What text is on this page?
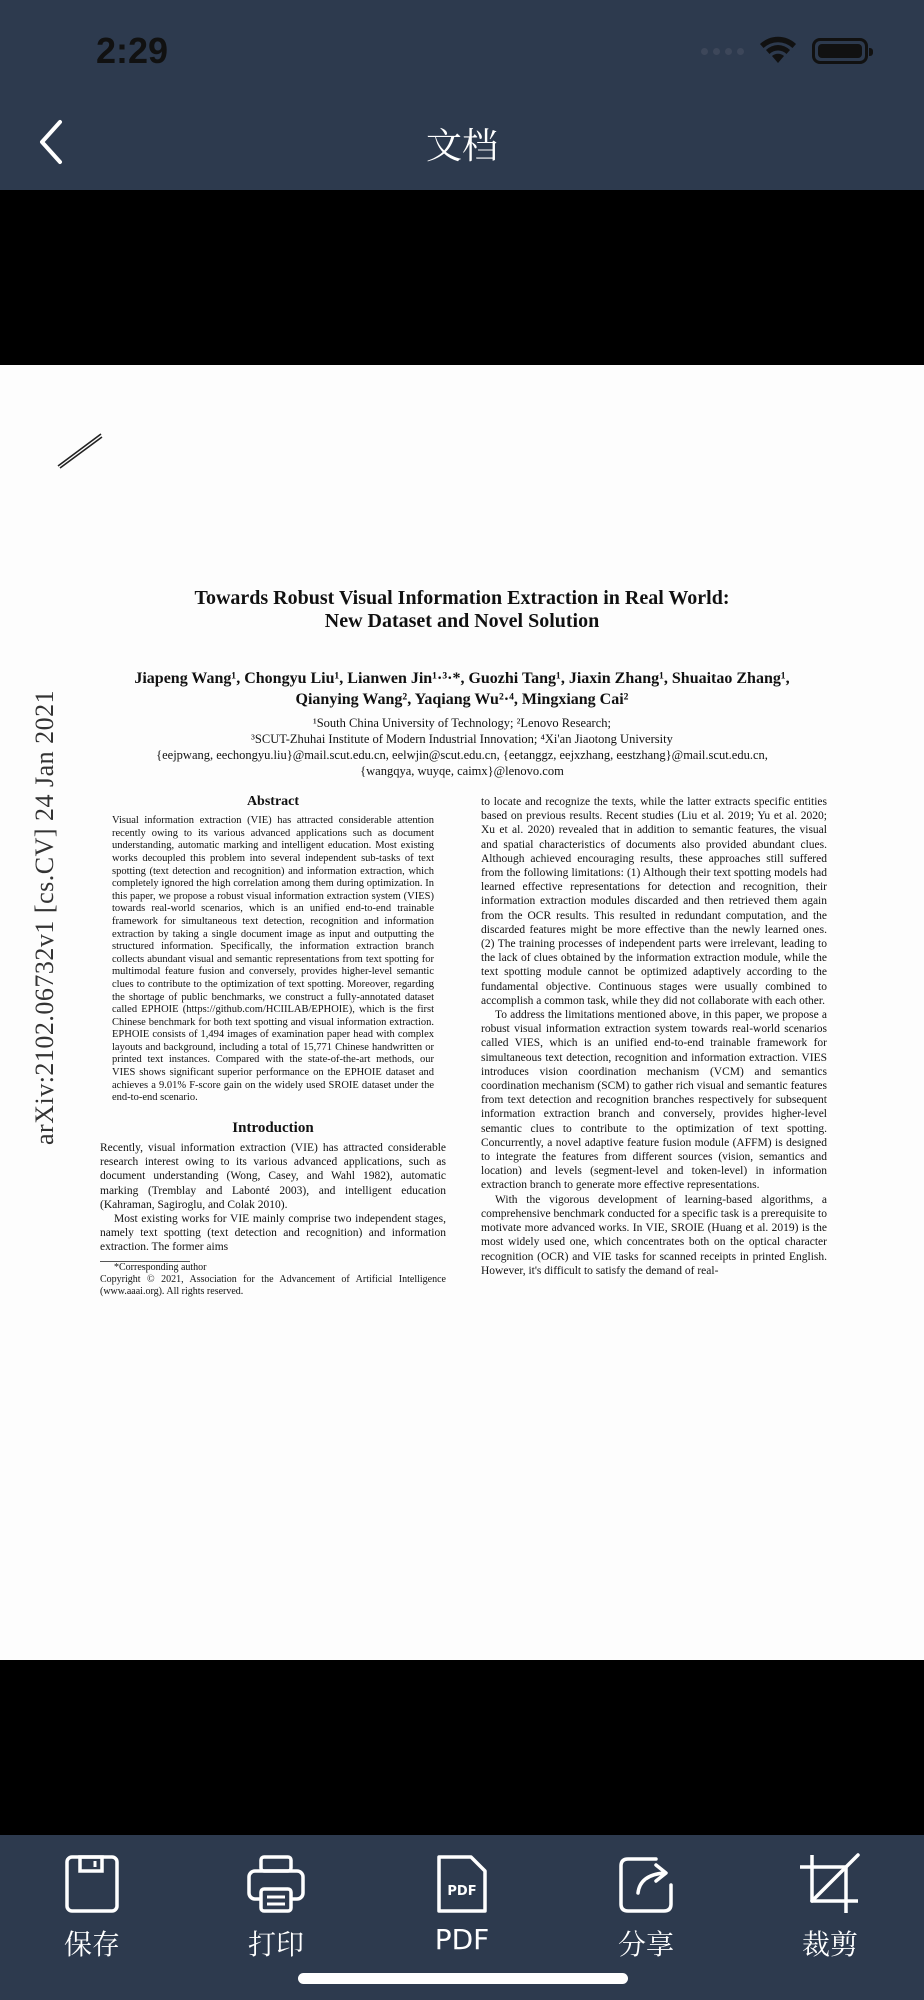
2:29
文档
arXiv:2102.06732v1 [cs.CV] 24 Jan 2021
Towards Robust Visual Information Extraction in Real World:
New Dataset and Novel Solution
Jiapeng Wang¹, Chongyu Liu¹, Lianwen Jin¹·³·*, Guozhi Tang¹, Jiaxin Zhang¹, Shuaitao Zhang¹,
Qianying Wang², Yaqiang Wu²·⁴, Mingxiang Cai²
¹South China University of Technology; ²Lenovo Research;
³SCUT-Zhuhai Institute of Modern Industrial Innovation; ⁴Xi'an Jiaotong University
{eejpwang, eechongyu.liu}@mail.scut.edu.cn, eelwjin@scut.edu.cn, {eetanggz, eejxzhang, eestzhang}@mail.scut.edu.cn,
{wangqya, wuyqe, caimx}@lenovo.com
Abstract

Visual information extraction (VIE) has attracted considerable attention recently owing to its various advanced applications such as document understanding, automatic marking and intelligent education. Most existing works decoupled this problem into several independent sub-tasks of text spotting (text detection and recognition) and information extraction, which completely ignored the high correlation among them during optimization. In this paper, we propose a robust visual information extraction system (VIES) towards real-world scenarios, which is an unified end-to-end trainable framework for simultaneous text detection, recognition and information extraction by taking a single document image as input and outputting the structured information. Specifically, the information extraction branch collects abundant visual and semantic representations from text spotting for multimodal feature fusion and conversely, provides higher-level semantic clues to contribute to the optimization of text spotting. Moreover, regarding the shortage of public benchmarks, we construct a fully-annotated dataset called EPHOIE (https://github.com/HCIILAB/EPHOIE), which is the first Chinese benchmark for both text spotting and visual information extraction. EPHOIE consists of 1,494 images of examination paper head with complex layouts and background, including a total of 15,771 Chinese handwritten or printed text instances. Compared with the state-of-the-art methods, our VIES shows significant superior performance on the EPHOIE dataset and achieves a 9.01% F-score gain on the widely used SROIE dataset under the end-to-end scenario.

Introduction

Recently, visual information extraction (VIE) has attracted considerable research interest owing to its various advanced applications, such as document understanding (Wong, Casey, and Wahl 1982), automatic marking (Tremblay and Labonté 2003), and intelligent education (Kahraman, Sagiroglu, and Colak 2010).

Most existing works for VIE mainly comprise two independent stages, namely text spotting (text detection and recognition) and information extraction. The former aims

*Corresponding author

Copyright © 2021, Association for the Advancement of Artificial Intelligence (www.aaai.org). All rights reserved.

to locate and recognize the texts, while the latter extracts specific entities based on previous results. Recent studies (Liu et al. 2019; Yu et al. 2020; Xu et al. 2020) revealed that in addition to semantic features, the visual and spatial characteristics of documents also provided abundant clues. Although achieved encouraging results, these approaches still suffered from the following limitations: (1) Although their text spotting models had learned effective representations for detection and recognition, their information extraction modules discarded and then retrieved them again from the OCR results. This resulted in redundant computation, and the discarded features might be more effective than the newly learned ones. (2) The training processes of independent parts were irrelevant, leading to the lack of clues obtained by the information extraction module, while the text spotting module cannot be optimized adaptively according to the fundamental objective. Continuous stages were usually combined to accomplish a common task, while they did not collaborate with each other.

To address the limitations mentioned above, in this paper, we propose a robust visual information extraction system towards real-world scenarios called VIES, which is an unified end-to-end trainable framework for simultaneous text detection, recognition and information extraction. VIES introduces vision coordination mechanism (VCM) and semantics coordination mechanism (SCM) to gather rich visual and semantic features from text detection and recognition branches respectively for subsequent information extraction branch and conversely, provides higher-level semantic clues to contribute to the optimization of text spotting. Concurrently, a novel adaptive feature fusion module (AFFM) is designed to integrate the features from different sources (vision, semantics and location) and levels (segment-level and token-level) in information extraction branch to generate more effective representations.

With the vigorous development of learning-based algorithms, a comprehensive benchmark conducted for a specific task is a prerequisite to motivate more advanced works. In VIE, SROIE (Huang et al. 2019) is the most widely used one, which concentrates both on the optical character recognition (OCR) and VIE tasks for scanned receipts in printed English. However, it's difficult to satisfy the demand of real-

保存	打印
PDF
PDF	分享	裁剪
